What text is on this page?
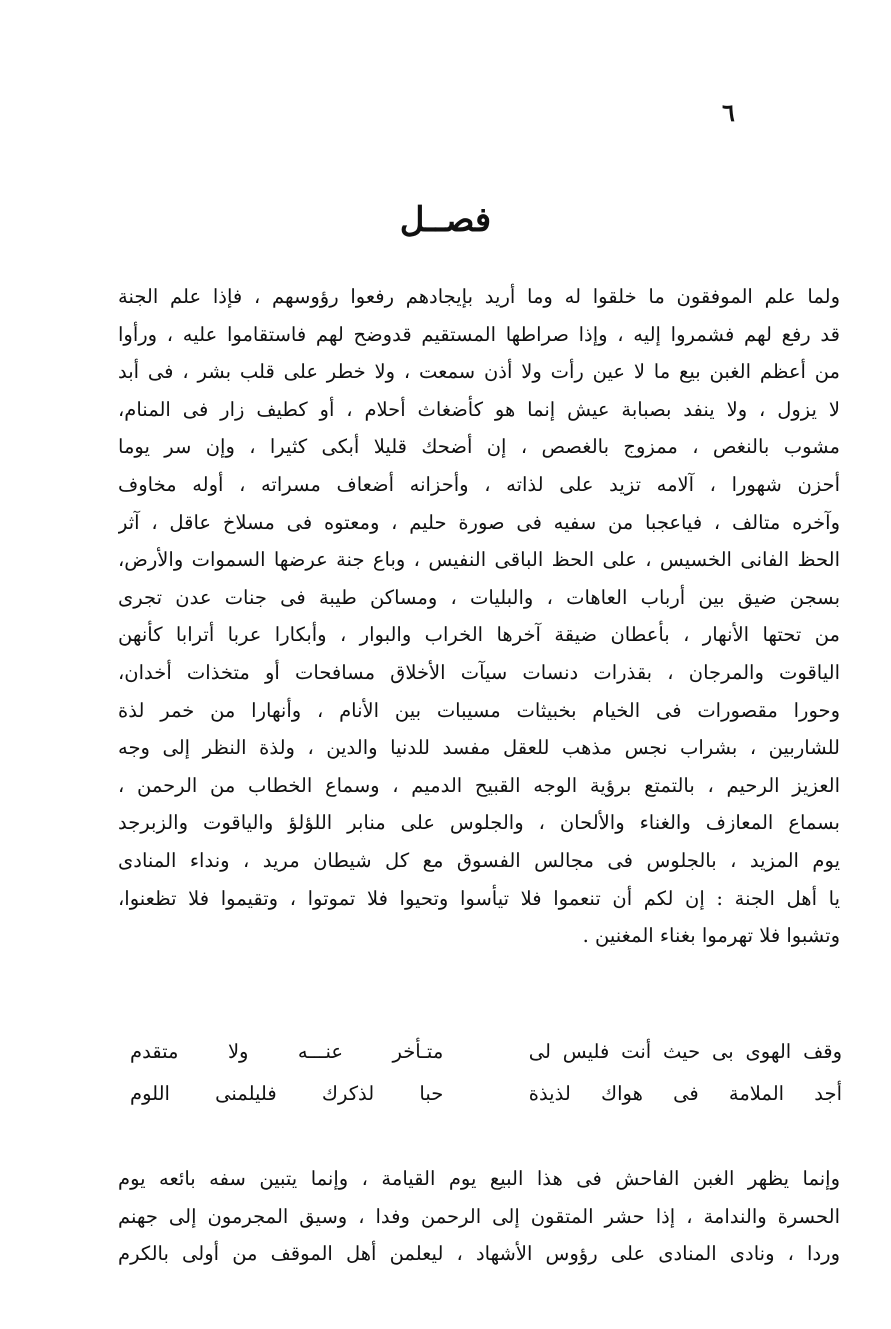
٦
فصــل
ولما علم الموفقون ما خلقوا له وما أريد بإيجادهم رفعوا رؤوسهم ، فإذا علم الجنة
قد رفع لهم فشمروا إليه ، وإذا صراطها المستقيم قدوضح لهم فاستقاموا عليه ، ورأوا
من أعظم الغبن بيع ما لا عين رأت ولا أذن سمعت ، ولا خطر على قلب بشر ، فى أبد
لا يزول ، ولا ينفد بصبابة عيش إنما هو كأضغاث أحلام ، أو كطيف زار فى المنام،
مشوب بالنغص ، ممزوج بالغصص ، إن أضحك قليلا أبكى كثيرا ، وإن سر يوما
أحزن شهورا ، آلامه تزيد على لذاته ، وأحزانه أضعاف مسراته ، أوله مخاوف
وآخره متالف ، فياعجبا من سفيه فى صورة حليم ، ومعتوه فى مسلاخ عاقل ، آثر
الحظ الفانى الخسيس ، على الحظ الباقى النفيس ، وباع جنة عرضها السموات والأرض،
بسجن ضيق بين أرباب العاهات ، والبليات ، ومساكن طيبة فى جنات عدن تجرى
من تحتها الأنهار ، بأعطان ضيقة آخرها الخراب والبوار ، وأبكارا عربا أترابا كأنهن
الياقوت والمرجان ، بقذرات دنسات سيآت الأخلاق مسافحات أو متخذات أخدان،
وحورا مقصورات فى الخيام بخبيثات مسيبات بين الأنام ، وأنهارا من خمر لذة
للشاربين ، بشراب نجس مذهب للعقل مفسد للدنيا والدين ، ولذة النظر إلى وجه
العزيز الرحيم ، بالتمتع برؤية الوجه القبيح الدميم ، وسماع الخطاب من الرحمن ،
بسماع المعازف والغناء والألحان ، والجلوس على منابر اللؤلؤ والياقوت والزبرجد
يوم المزيد ، بالجلوس فى مجالس الفسوق مع كل شيطان مريد ، ونداء المنادى
يا أهل الجنة : إن لكم أن تنعموا فلا تيأسوا وتحيوا فلا تموتوا ، وتقيموا فلا تظعنوا،
وتشبوا فلا تهرموا بغناء المغنين .
وقف الهوى بى حيث أنت فليس لى
متـأخر عنـــه ولا متقدم
أجد الملامة فى هواك لذيذة
حبا لذكرك فليلمنى اللوم
وإنما يظهر الغبن الفاحش فى هذا البيع يوم القيامة ، وإنما يتبين سفه بائعه يوم
الحسرة والندامة ، إذا حشر المتقون إلى الرحمن وفدا ، وسيق المجرمون إلى جهنم
وردا ، ونادى المنادى على رؤوس الأشهاد ، ليعلمن أهل الموقف من أولى بالكرم
